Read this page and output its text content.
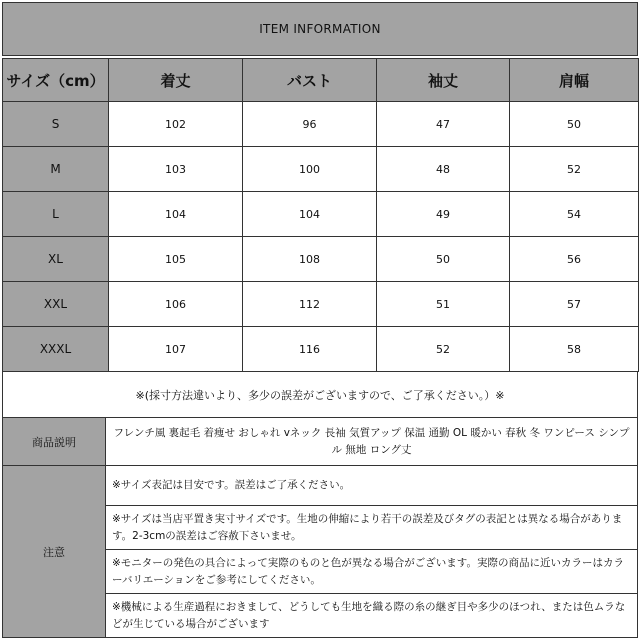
ITEM INFORMATION
サイズ（cm）	着丈	バスト	袖丈	肩幅
S	102	96	47	50
M	103	100	48	52
L	104	104	49	54
XL	105	108	50	56
XXL	106	112	51	57
XXXL	107	116	52	58
※(採寸方法違いより、多少の誤差がございますので、ご了承ください。）※
商品説明
フレンチ風 裏起毛 着痩せ おしゃれ vネック 長袖 気質アップ 保温 通勤 OL 暖かい 春秋 冬 ワンピース シンプル 無地 ロング丈
注意
※サイズ表記は目安です。誤差はご了承ください。
※サイズは当店平置き実寸サイズです。生地の伸縮により若干の誤差及びタグの表記とは異なる場合があります。2-3cmの誤差はご容赦下さいませ。
※モニターの発色の具合によって実際のものと色が異なる場合がございます。実際の商品に近いカラーはカラーバリエーションをご参考にしてください。
※機械による生産過程におきまして、どうしても生地を織る際の糸の継ぎ目や多少のほつれ、または色ムラなどが生じている場合がございます
